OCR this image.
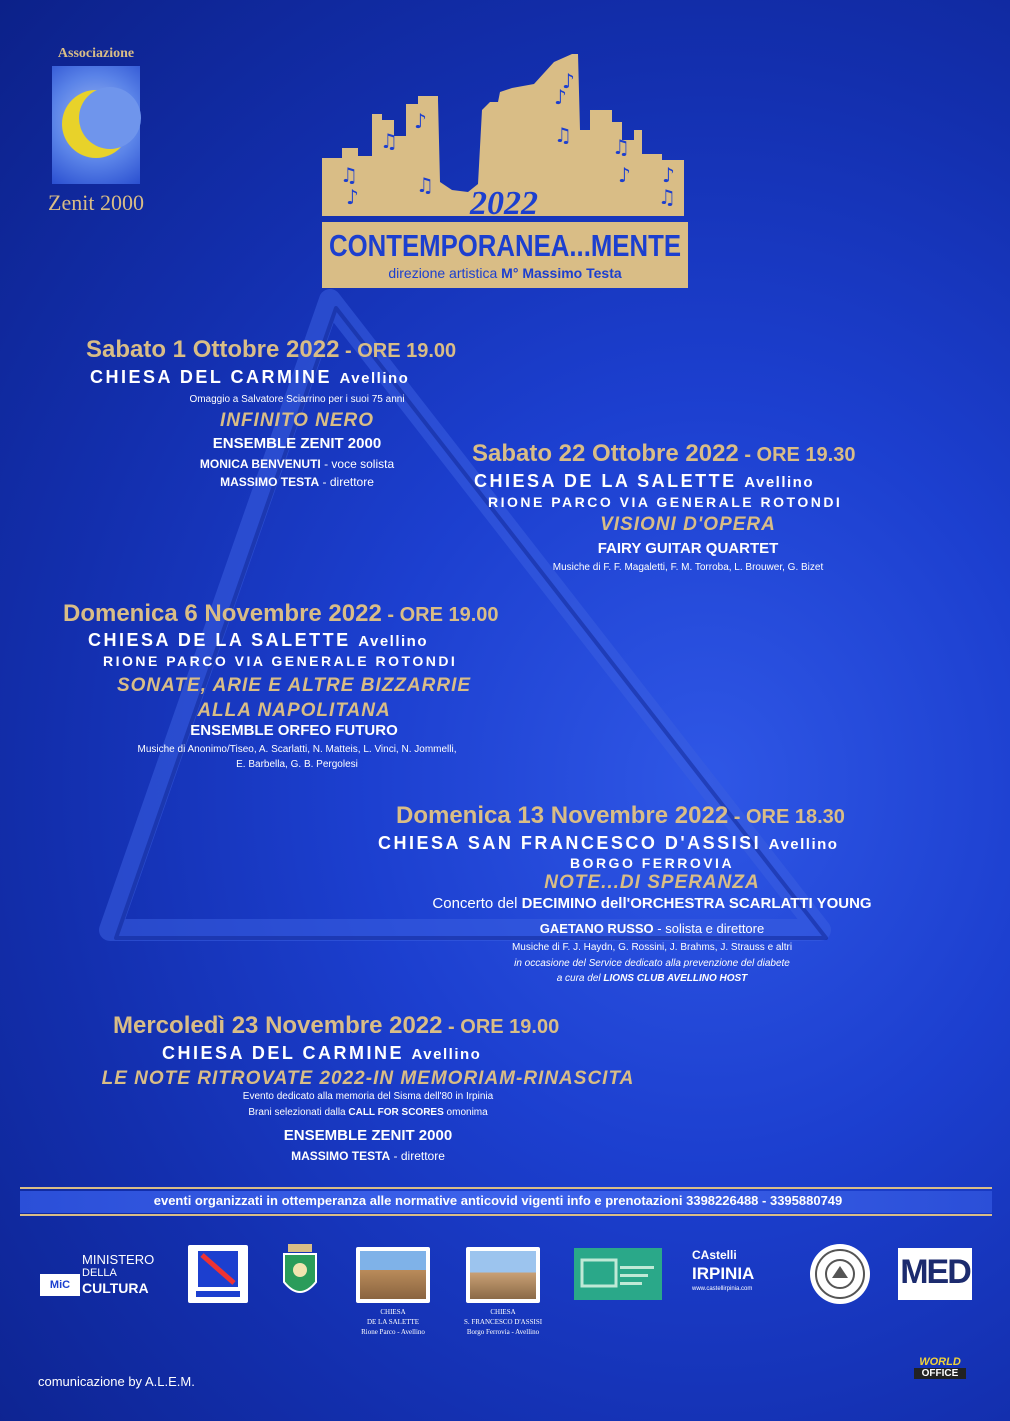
Associazione
Zenit 2000
♫
♪
♫
♪
♫
♪
♪
♫ ♫
♪ ♪
♫
2022
CONTEMPORANEA...MENTE
direzione artistica M° Massimo Testa
Sabato 1 Ottobre 2022 - ORE 19.00
CHIESA DEL CARMINE Avellino
Omaggio a Salvatore Sciarrino per i suoi 75 anni
INFINITO NERO
ENSEMBLE ZENIT 2000
MONICA BENVENUTI - voce solista
MASSIMO TESTA - direttore
Sabato 22 Ottobre 2022 - ORE 19.30
CHIESA DE LA SALETTE Avellino
RIONE PARCO VIA GENERALE ROTONDI
VISIONI D'OPERA
FAIRY GUITAR QUARTET
Musiche di F. F. Magaletti, F. M. Torroba, L. Brouwer, G. Bizet
Domenica 6 Novembre 2022 - ORE 19.00
CHIESA DE LA SALETTE Avellino
RIONE PARCO VIA GENERALE ROTONDI
SONATE, ARIE E ALTRE BIZZARRIE
ALLA NAPOLITANA
ENSEMBLE ORFEO FUTURO
Musiche di Anonimo/Tiseo, A. Scarlatti, N. Matteis, L. Vinci, N. Jommelli,
E. Barbella, G. B. Pergolesi
Domenica 13 Novembre 2022 - ORE 18.30
CHIESA SAN FRANCESCO D'ASSISI Avellino
BORGO FERROVIA
NOTE...DI SPERANZA
Concerto del DECIMINO dell'ORCHESTRA SCARLATTI YOUNG
GAETANO RUSSO - solista e direttore
Musiche di F. J. Haydn, G. Rossini, J. Brahms, J. Strauss e altri
in occasione del Service dedicato alla prevenzione del diabete
a cura del LIONS CLUB AVELLINO HOST
Mercoledì 23 Novembre 2022 - ORE 19.00
CHIESA DEL CARMINE Avellino
LE NOTE RITROVATE 2022-IN MEMORIAM-RINASCITA
Evento dedicato alla memoria del Sisma dell'80 in Irpinia
Brani selezionati dalla CALL FOR SCORES omonima
ENSEMBLE ZENIT 2000
MASSIMO TESTA - direttore
eventi organizzati in ottemperanza alle normative anticovid vigenti info e prenotazioni 3398226488 - 3395880749
MiC
MINISTERO
DELLA
CULTURA
CHIESA
DE LA SALETTE
Rione Parco - Avellino
CHIESA
S. FRANCESCO D'ASSISI
Borgo Ferrovia - Avellino
CAstelli
IRPINIA
www.castellirpinia.com	MED
comunicazione by A.L.E.M.
WORLD
OFFICE
